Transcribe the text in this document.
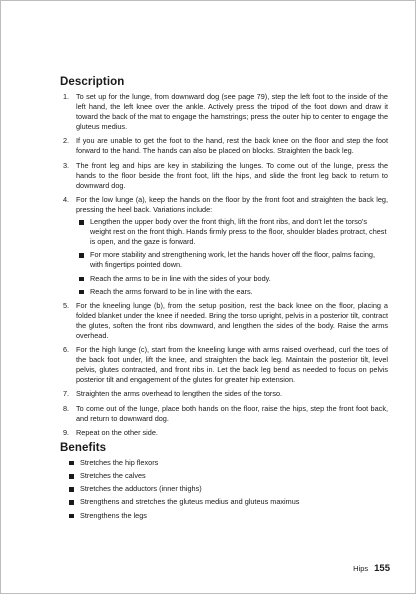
Description
1. To set up for the lunge, from downward dog (see page 79), step the left foot to the inside of the left hand, the left knee over the ankle. Actively press the tripod of the foot down and draw it toward the back of the mat to engage the hamstrings; press the outer hip to center to engage the gluteus medius.
2. If you are unable to get the foot to the hand, rest the back knee on the floor and step the foot forward to the hand. The hands can also be placed on blocks. Straighten the back leg.
3. The front leg and hips are key in stabilizing the lunges. To come out of the lunge, press the hands to the floor beside the front foot, lift the hips, and slide the front leg back to return to downward dog.
4. For the low lunge (a), keep the hands on the floor by the front foot and straighten the back leg, pressing the heel back. Variations include:
Lengthen the upper body over the front thigh, lift the front ribs, and don't let the torso's weight rest on the front thigh. Hands firmly press to the floor, shoulder blades protract, chest is open, and the gaze is forward.
For more stability and strengthening work, let the hands hover off the floor, palms facing, with fingertips pointed down.
Reach the arms to be in line with the sides of your body.
Reach the arms forward to be in line with the ears.
5. For the kneeling lunge (b), from the setup position, rest the back knee on the floor, placing a folded blanket under the knee if needed. Bring the torso upright, pelvis in a posterior tilt, contract the glutes, soften the front ribs downward, and lengthen the sides of the body. Raise the arms overhead.
6. For the high lunge (c), start from the kneeling lunge with arms raised overhead, curl the toes of the back foot under, lift the knee, and straighten the back leg. Maintain the posterior tilt, level pelvis, glutes contracted, and front ribs in. Let the back leg bend as needed to focus on pelvis posterior tilt and engagement of the glutes for greater hip extension.
7. Straighten the arms overhead to lengthen the sides of the torso.
8. To come out of the lunge, place both hands on the floor, raise the hips, step the front foot back, and return to downward dog.
9. Repeat on the other side.
Benefits
Stretches the hip flexors
Stretches the calves
Stretches the adductors (inner thighs)
Strengthens and stretches the gluteus medius and gluteus maximus
Strengthens the legs
Hips 155
